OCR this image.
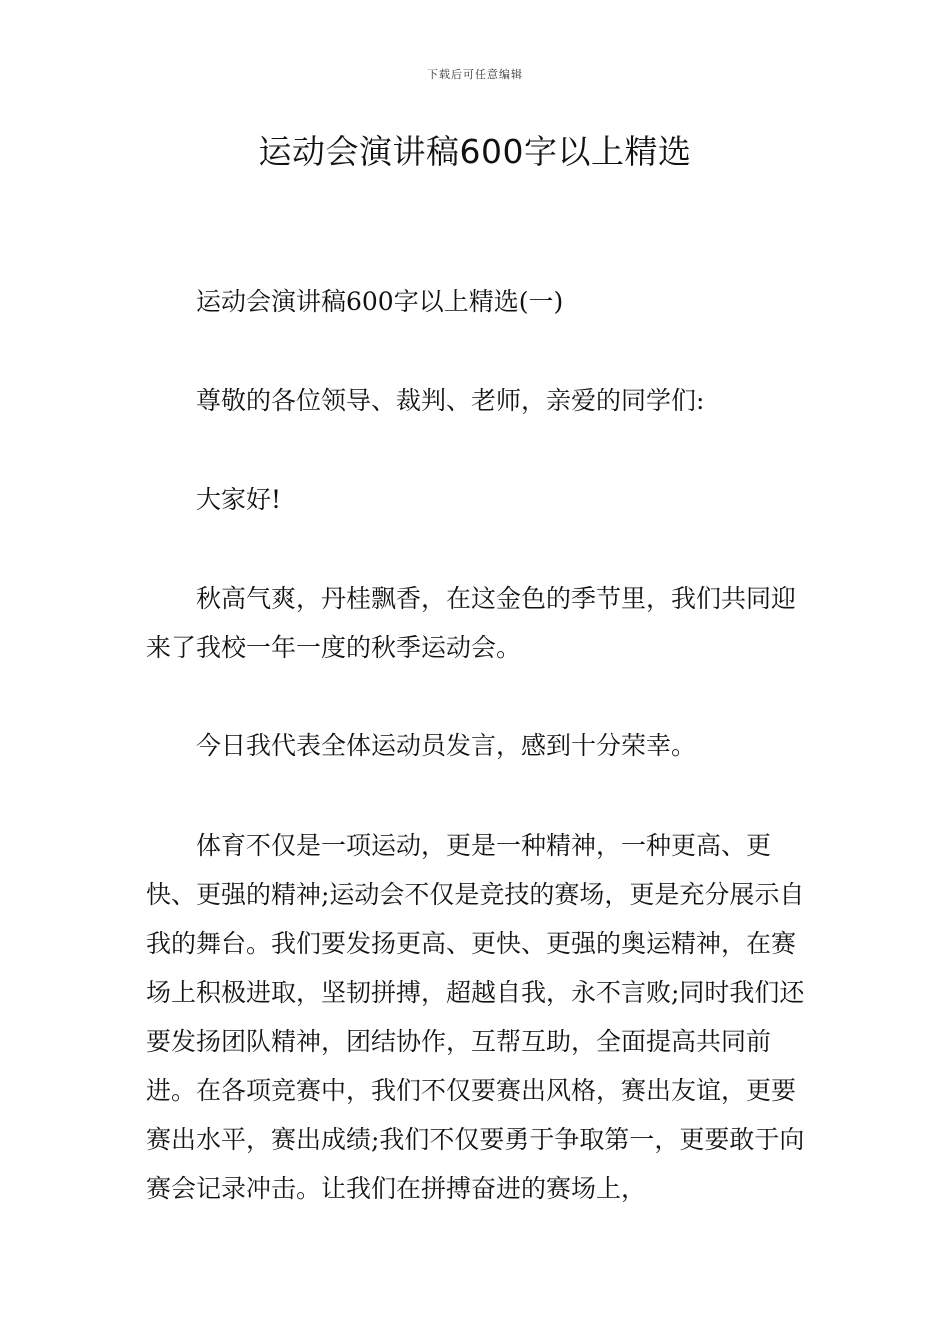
下载后可任意编辑
运动会演讲稿600字以上精选

运动会演讲稿600字以上精选(一)

尊敬的各位领导、裁判、老师，亲爱的同学们:

大家好!

秋高气爽，丹桂飘香，在这金色的季节里，我们共同迎来了我校一年一度的秋季运动会。

今日我代表全体运动员发言，感到十分荣幸。

体育不仅是一项运动，更是一种精神，一种更高、更快、更强的精神;运动会不仅是竞技的赛场，更是充分展示自我的舞台。我们要发扬更高、更快、更强的奥运精神，在赛场上积极进取，坚韧拼搏，超越自我，永不言败;同时我们还要发扬团队精神，团结协作，互帮互助，全面提高共同前进。在各项竞赛中，我们不仅要赛出风格，赛出友谊，更要赛出水平，赛出成绩;我们不仅要勇于争取第一，更要敢于向赛会记录冲击。让我们在拼搏奋进的赛场上，
